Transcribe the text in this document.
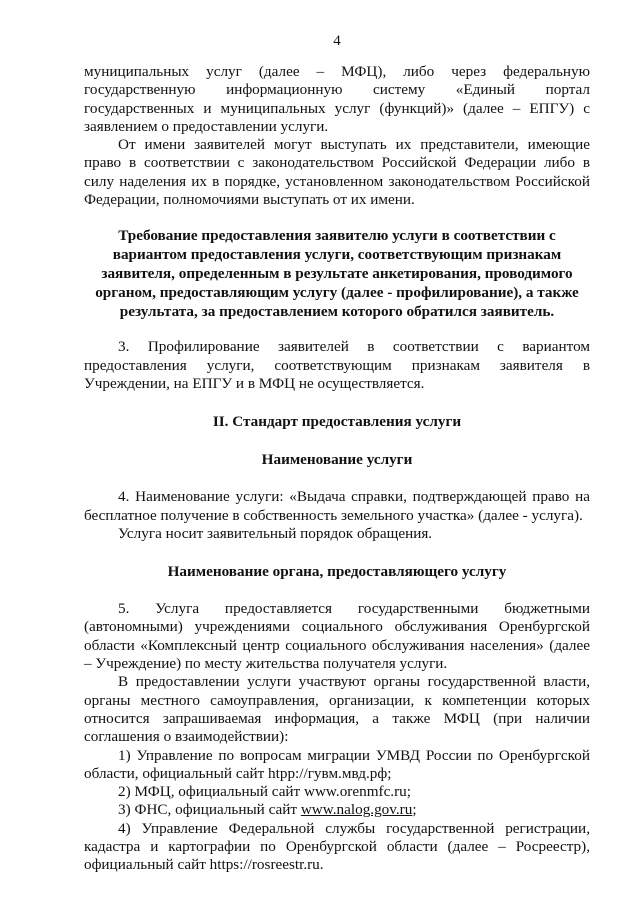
4

муниципальных услуг (далее – МФЦ), либо через федеральную государственную информационную систему «Единый портал государственных и муниципальных услуг (функций)» (далее – ЕПГУ) с заявлением о предоставлении услуги.

От имени заявителей могут выступать их представители, имеющие право в соответствии с законодательством Российской Федерации либо в силу наделения их в порядке, установленном законодательством Российской Федерации, полномочиями выступать от их имени.

Требование предоставления заявителю услуги в соответствии с вариантом предоставления услуги, соответствующим признакам заявителя, определенным в результате анкетирования, проводимого органом, предоставляющим услугу (далее - профилирование), а также результата, за предоставлением которого обратился заявитель.

3. Профилирование заявителей в соответствии с вариантом предоставления услуги, соответствующим признакам заявителя в Учреждении, на ЕПГУ и в МФЦ не осуществляется.

II. Стандарт предоставления услуги

Наименование услуги

4. Наименование услуги: «Выдача справки, подтверждающей право на бесплатное получение в собственность земельного участка» (далее - услуга).

Услуга носит заявительный порядок обращения.

Наименование органа, предоставляющего услугу

5. Услуга предоставляется государственными бюджетными (автономными) учреждениями социального обслуживания Оренбургской области «Комплексный центр социального обслуживания населения» (далее – Учреждение) по месту жительства получателя услуги.

В предоставлении услуги участвуют органы государственной власти, органы местного самоуправления, организации, к компетенции которых относится запрашиваемая информация, а также МФЦ (при наличии соглашения о взаимодействии):

1) Управление по вопросам миграции УМВД России по Оренбургской области, официальный сайт htpp://гувм.мвд.рф;

2) МФЦ, официальный сайт www.orenmfc.ru;

3) ФНС, официальный сайт www.nalog.gov.ru;

4) Управление Федеральной службы государственной регистрации, кадастра и картографии по Оренбургской области (далее – Росреестр), официальный сайт https://rosreestr.ru.
